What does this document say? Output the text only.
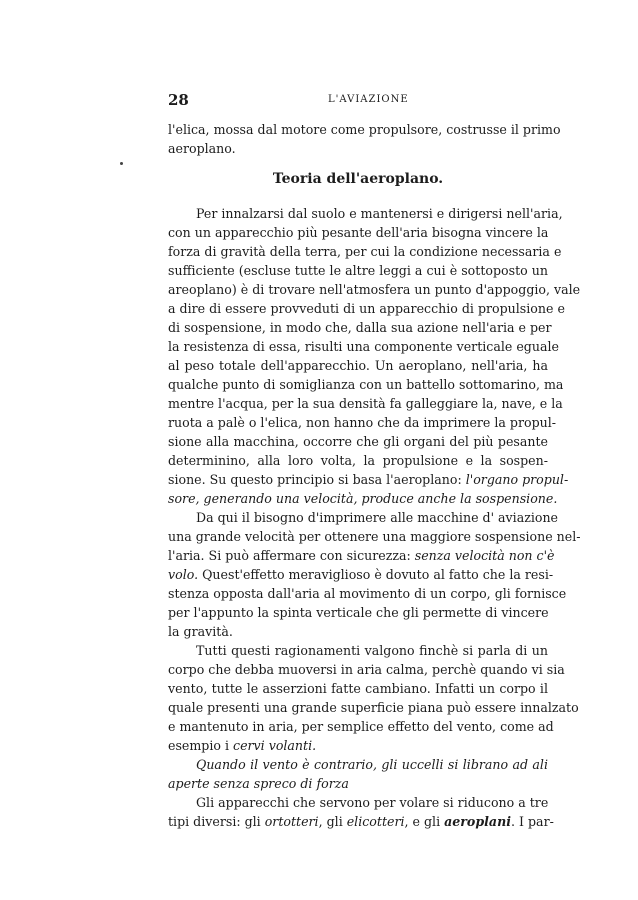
28	L'AVIAZIONE
l'elica, mossa dal motore come propulsore, costrusse il primo
aeroplano.
Teoria dell'aeroplano.
Per innalzarsi dal suolo e mantenersi e dirigersi nell'aria,
con un apparecchio più pesante dell'aria bisogna vincere la
forza di gravità della terra, per cui la condizione necessaria e
sufficiente (escluse tutte le altre leggi a cui è sottoposto un
areoplano) è di trovare nell'atmosfera un punto d'appoggio, vale
a dire di essere provveduti di un apparecchio di propulsione e
di sospensione, in modo che, dalla sua azione nell'aria e per
la resistenza di essa, risulti una componente verticale eguale
al peso totale dell'apparecchio. Un aeroplano, nell'aria, ha
qualche punto di somiglianza con un battello sottomarino, ma
mentre l'acqua, per la sua densità fa galleggiare la, nave, e la
ruota a palè o l'elica, non hanno che da imprimere la propul-
sione alla macchina, occorre che gli organi del più pesante
determinino, alla loro volta, la propulsione e la sospen-
sione. Su questo principio si basa l'aeroplano: l'organo propul-
sore, generando una velocità, produce anche la sospensione.
Da qui il bisogno d'imprimere alle macchine d' aviazione
una grande velocità per ottenere una maggiore sospensione nel-
l'aria. Si può affermare con sicurezza: senza velocità non c'è
volo. Quest'effetto meraviglioso è dovuto al fatto che la resi-
stenza opposta dall'aria al movimento di un corpo, gli fornisce
per l'appunto la spinta verticale che gli permette di vincere
la gravità.
Tutti questi ragionamenti valgono finchè si parla di un
corpo che debba muoversi in aria calma, perchè quando vi sia
vento, tutte le asserzioni fatte cambiano. Infatti un corpo il
quale presenti una grande superficie piana può essere innalzato
e mantenuto in aria, per semplice effetto del vento, come ad
esempio i cervi volanti.
Quando il vento è contrario, gli uccelli si librano ad ali
aperte senza spreco di forza
Gli apparecchi che servono per volare si riducono a tre
tipi diversi: gli ortotteri, gli elicotteri, e gli aeroplani. I par-
